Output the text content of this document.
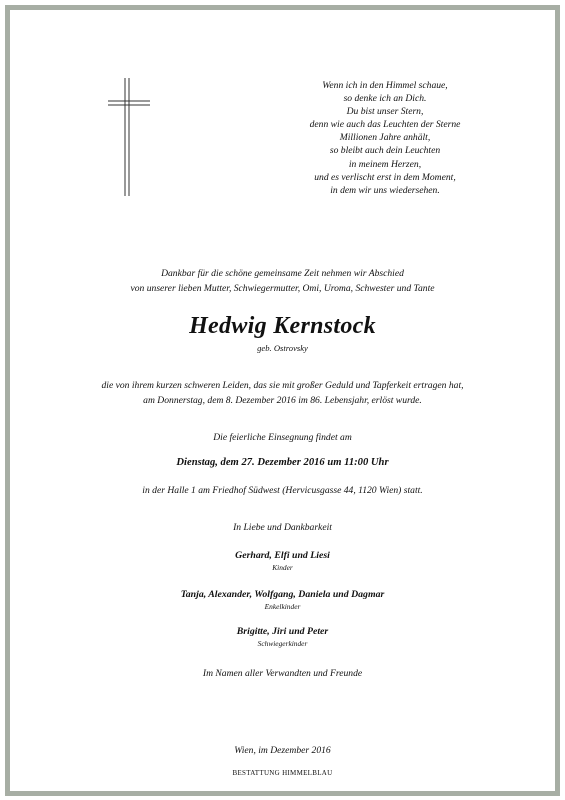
Wenn ich in den Himmel schaue,
so denke ich an Dich.
Du bist unser Stern,
denn wie auch das Leuchten der Sterne
Millionen Jahre anhält,
so bleibt auch dein Leuchten
in meinem Herzen,
und es verlischt erst in dem Moment,
in dem wir uns wiedersehen.
Dankbar für die schöne gemeinsame Zeit nehmen wir Abschied
von unserer lieben Mutter, Schwiegermutter, Omi, Uroma, Schwester und Tante
Hedwig Kernstock
geb. Ostrovsky
die von ihrem kurzen schweren Leiden, das sie mit großer Geduld und Tapferkeit ertragen hat,
am Donnerstag, dem 8. Dezember 2016 im 86. Lebensjahr, erlöst wurde.
Die feierliche Einsegnung findet am
Dienstag, dem 27. Dezember 2016 um 11:00 Uhr
in der Halle 1 am Friedhof Südwest (Hervicusgasse 44, 1120 Wien) statt.
In Liebe und Dankbarkeit
Gerhard, Elfi und Liesi
Kinder
Tanja, Alexander, Wolfgang, Daniela und Dagmar
Enkelkinder
Brigitte, Jiri und Peter
Schwiegerkinder
Im Namen aller Verwandten und Freunde
Wien, im Dezember 2016
BESTATTUNG HIMMELBLAU
